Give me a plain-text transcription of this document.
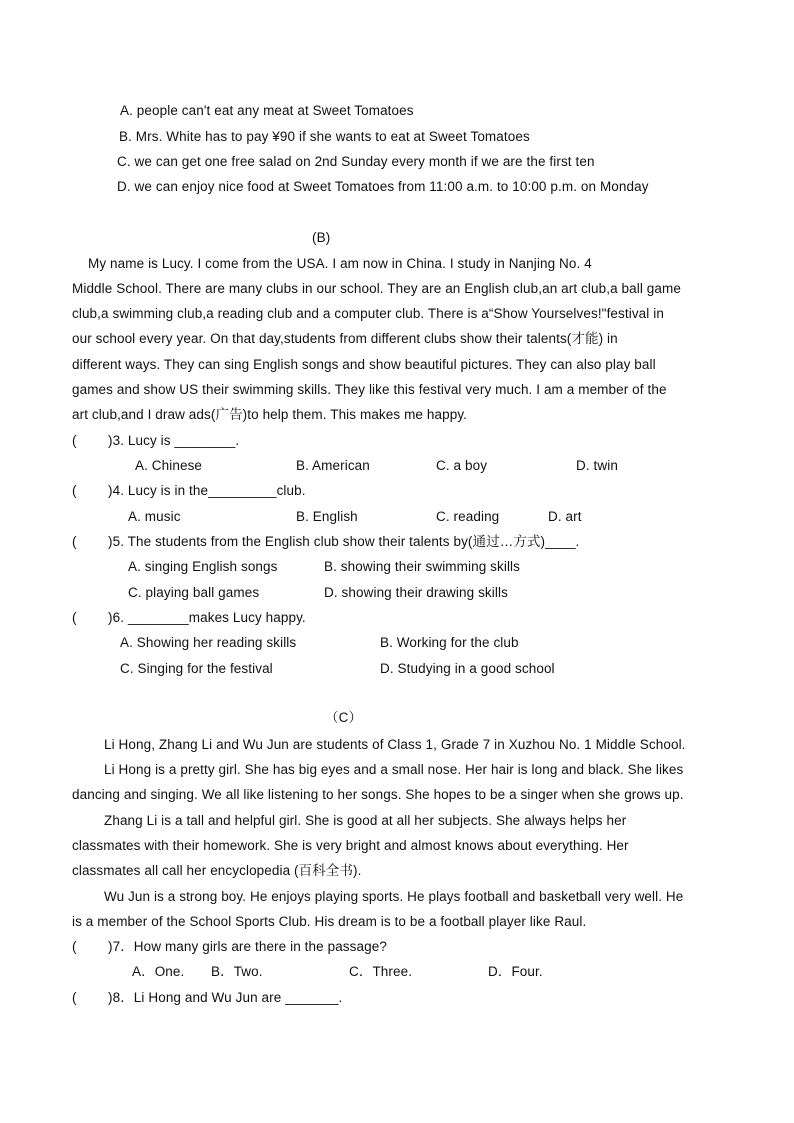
A. people can't eat any meat at Sweet Tomatoes
B. Mrs. White has to pay ¥90 if she wants to eat at Sweet Tomatoes
C. we can get one free salad on 2nd Sunday every month if we are the first ten
D. we can enjoy nice food at Sweet Tomatoes from 11:00 a.m. to 10:00 p.m. on Monday
(B)
My name is Lucy. I come from the USA. I am now in China. I study in Nanjing No. 4
Middle School. There are many clubs in our school. They are an English club,an art club,a ball game
club,a swimming club,a reading club and a computer club. There is a“Show Yourselves!"festival in
our school every year. On that day,students from different clubs show their talents(才能) in
different ways. They can sing English songs and show beautiful pictures. They can also play ball
games and show US their swimming skills. They like this festival very much. I am a member of the
art club,and I draw ads(广告)to help them. This makes me happy.
( )3. Lucy is ________.
A. Chinese	B. American	C. a boy	D. twin
( )4. Lucy is in the_________club.
A. music	B. English	C. reading	D. art
( )5. The students from the English club show their talents by(通过…方式)____.
A. singing English songs	B. showing their swimming skills
C. playing ball games	D. showing their drawing skills
( )6. ________makes Lucy happy.
A. Showing her reading skills	B. Working for the club
C. Singing for the festival	D. Studying in a good school
（C）
Li Hong, Zhang Li and Wu Jun are students of Class 1, Grade 7 in Xuzhou No. 1 Middle School.
Li Hong is a pretty girl. She has big eyes and a small nose. Her hair is long and black. She likes
dancing and singing. We all like listening to her songs. She hopes to be a singer when she grows up.
Zhang Li is a tall and helpful girl. She is good at all her subjects. She always helps her
classmates with their homework. She is very bright and almost knows about everything. Her
classmates all call her encyclopedia (百科全书).
Wu Jun is a strong boy. He enjoys playing sports. He plays football and basketball very well. He
is a member of the School Sports Club. His dream is to be a football player like Raul.
( )7．How many girls are there in the passage?
A．One. B．Two.	C．Three.	D．Four.
( )8．Li Hong and Wu Jun are _______.
